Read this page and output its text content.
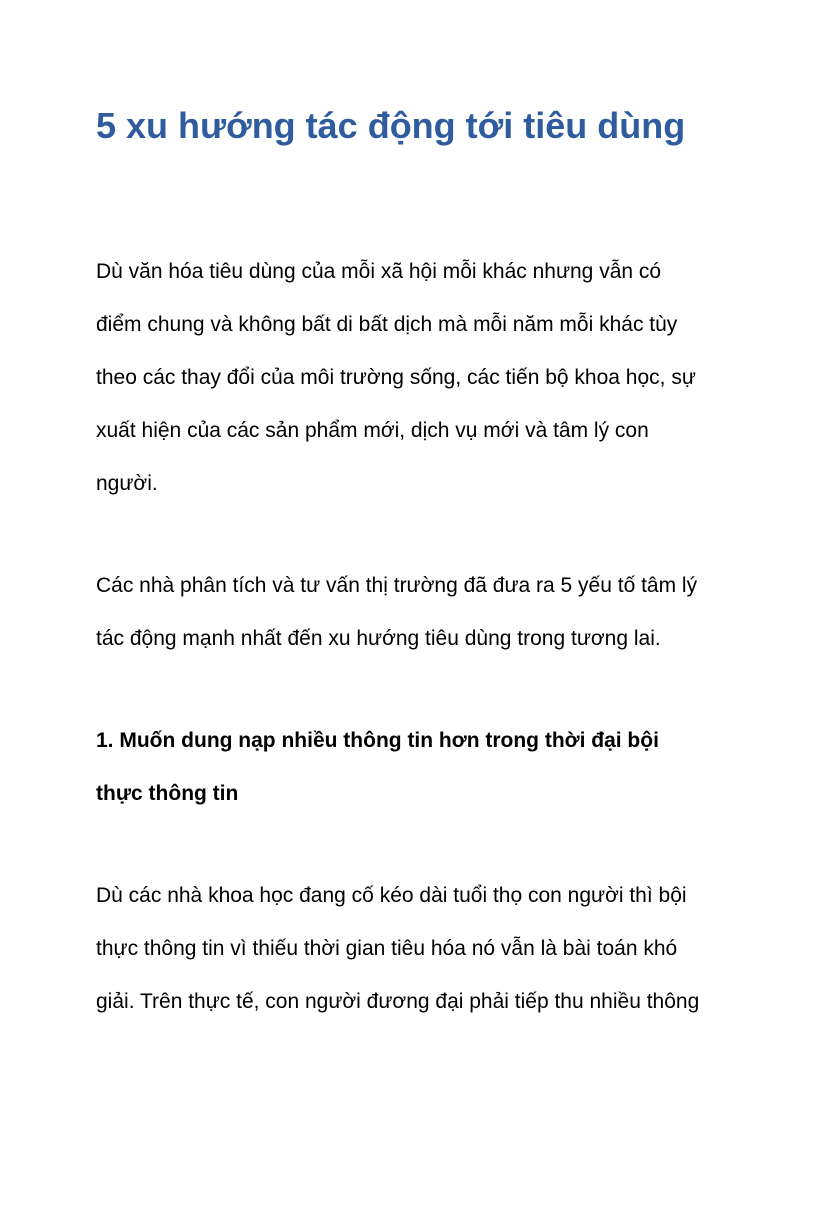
5 xu hướng tác động tới tiêu dùng
Dù văn hóa tiêu dùng của mỗi xã hội mỗi khác nhưng vẫn có
điểm chung và không bất di bất dịch mà mỗi năm mỗi khác tùy
theo các thay đổi của môi trường sống, các tiến bộ khoa học, sự
xuất hiện của các sản phẩm mới, dịch vụ mới và tâm lý con
người.
Các nhà phân tích và tư vấn thị trường đã đưa ra 5 yếu tố tâm lý
tác động mạnh nhất đến xu hướng tiêu dùng trong tương lai.
1. Muốn dung nạp nhiều thông tin hơn trong thời đại bội
thực thông tin
Dù các nhà khoa học đang cố kéo dài tuổi thọ con người thì bội
thực thông tin vì thiếu thời gian tiêu hóa nó vẫn là bài toán khó
giải. Trên thực tế, con người đương đại phải tiếp thu nhiều thông
